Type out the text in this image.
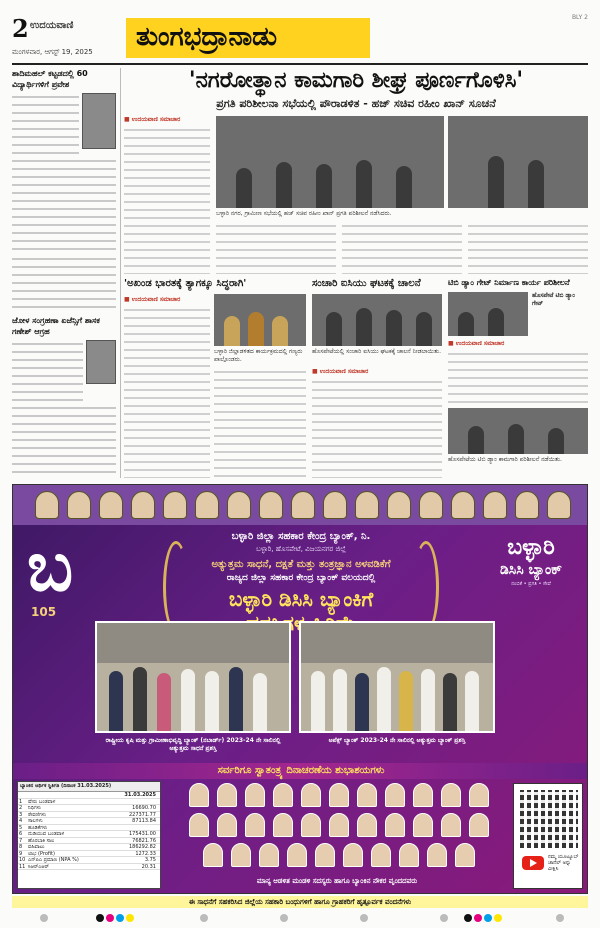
2 ಉದಯವಾಣಿ
ಮಂಗಳವಾರ, ಆಗಸ್ಟ್ 19, 2025 ತುಂಗಭದ್ರಾನಾಡು
BLY 2
ಶಾದಿಮಹಲ್ ಕಟ್ಟಡದಲ್ಲಿ 60 ವಿದ್ಯಾರ್ಥಿಗಳಿಗೆ ಪ್ರವೇಶ
ಜೋಳ ಸಂಗ್ರಹಣಾ ಏಜೆನ್ಸಿಗೆ ಶಾಸಕ ಗಣೇಶ್ ಆಗ್ರಹ
'ನಗರೋತ್ಥಾನ ಕಾಮಗಾರಿ ಶೀಘ್ರ ಪೂರ್ಣಗೊಳಿಸಿ'
ಪ್ರಗತಿ ಪರಿಶೀಲನಾ ಸಭೆಯಲ್ಲಿ ಪೌರಾಡಳಿತ - ಹಜ್ ಸಚಿವ ರಹೀಂ ಖಾನ್ ಸೂಚನೆ
■ ಉದಯವಾಣಿ ಸಮಾಚಾರ
ಬಳ್ಳಾರಿ ನಗರ, ಗ್ರಾಮೀಣ ಸಭೆಯಲ್ಲಿ ಹಜ್ ಸಚಿವ ರಹೀಂ ಖಾನ್ ಪ್ರಗತಿ ಪರಿಶೀಲನೆ ನಡೆಸಿದರು.
'ಅಖಂಡ ಭಾರತಕ್ಕೆ ತ್ಯಾಗಕ್ಕೂ ಸಿದ್ಧರಾಗಿ'
■ ಉದಯವಾಣಿ ಸಮಾಚಾರ
ಬಳ್ಳಾರಿ ಜಿಲ್ಲಾಡಳಿತದ ಕಾರ್ಯಕ್ರಮದಲ್ಲಿ ಗಣ್ಯರು ಪಾಲ್ಗೊಂಡರು.
ಸಂಚಾರಿ ಐಸಿಯು ಘಟಕಕ್ಕೆ ಚಾಲನೆ
ಹೊಸಪೇಟೆಯಲ್ಲಿ ಸಂಚಾರಿ ಐಸಿಯು ಘಟಕಕ್ಕೆ ಚಾಲನೆ ನೀಡಲಾಯಿತು.
■ ಉದಯವಾಣಿ ಸಮಾಚಾರ
ಟಿಬಿ ಡ್ಯಾಂ ಗೇಟ್ ನಿರ್ಮಾಣ ಕಾರ್ಯ ಪರಿಶೀಲನೆ
ಹೊಸಪೇಟೆ ಟಿಬಿ ಡ್ಯಾಂ ಗೇಟ್
■ ಉದಯವಾಣಿ ಸಮಾಚಾರ
ಹೊಸಪೇಟೆಯ ಟಿಬಿ ಡ್ಯಾಂ ಕಾಮಗಾರಿ ಪರಿಶೀಲನೆ ನಡೆಯಿತು.
ಬ
105
ಬಳ್ಳಾರಿ ಜಿಲ್ಲಾ ಸಹಕಾರ ಕೇಂದ್ರ ಬ್ಯಾಂಕ್, ನಿ.
ಬಳ್ಳಾರಿ, ಹೊಸಪೇಟೆ, ವಿಜಯನಗರ ಜಿಲ್ಲೆ
ಅತ್ಯುತ್ತಮ ಸಾಧನೆ, ದಕ್ಷತೆ ಮತ್ತು ತಂತ್ರಜ್ಞಾನ ಅಳವಡಿಕೆಗೆ
ರಾಜ್ಯದ ಜಿಲ್ಲಾ ಸಹಕಾರ ಕೇಂದ್ರ ಬ್ಯಾಂಕ್ ವಲಯದಲ್ಲಿ
ಬಳ್ಳಾರಿ ಡಿಸಿಸಿ ಬ್ಯಾಂಕಿಗೆ
ಬಳ್ಳಾರಿ
ಡಿಸಿಸಿ ಬ್ಯಾಂಕ್
ನಂಬಿಕೆ • ಪ್ರಗತಿ • ಸೇವೆ
ರಾಷ್ಟ್ರೀಯ ಕೃಷಿ ಮತ್ತು ಗ್ರಾಮೀಣಾಭಿವೃದ್ಧಿ ಬ್ಯಾಂಕ್ (ನಬಾರ್ಡ್) 2023-24 ನೇ ಸಾಲಿನಲ್ಲಿ ಅತ್ಯುತ್ತಮ ಸಾಧನೆ ಪ್ರಶಸ್ತಿ
ಅಪೆಕ್ಸ್ ಬ್ಯಾಂಕ್ 2023-24 ನೇ ಸಾಲಿನಲ್ಲಿ ಅತ್ಯುತ್ತಮ ಬ್ಯಾಂಕ್ ಪ್ರಶಸ್ತಿ
ಸರ್ವರಿಗೂ ಸ್ವಾತಂತ್ರ್ಯ ದಿನಾಚರಣೆಯ ಶುಭಾಶಯಗಳು
ಬ್ಯಾಂಕಿನ ಆರ್ಥಿಕ ಸ್ಥಿತಿಗತಿ (ದಿನಾಂಕ 31.03.2025)
31.03.2025
1	ಷೇರು ಬಂಡವಾಳ
2	ನಿಧಿಗಳು	16690.70
3	ಠೇವಣಿಗಳು	227371.77
4	ಸಾಲಗಳು	87113.84
5	ಹೂಡಿಕೆಗಳು
6	ದುಡಿಯುವ ಬಂಡವಾಳ	175431.00
7	ಹೊರಬಾಕಿ ಸಾಲ	76821.76
8	ವಹಿವಾಟು	186292.82
9	ಲಾಭ (Profit)	1272.33
10 ಎನ್‌ಪಿಎ ಪ್ರಮಾಣ (NPA %)	3.75
11 ಸಿಆರ್‌ಎಆರ್	20.31
ಮಾನ್ಯ ಆಡಳಿತ ಮಂಡಳಿ ಸದಸ್ಯರು ಹಾಗೂ ಬ್ಯಾಂಕಿನ ನೌಕರ ವೃಂದದವರು
ನಮ್ಮ ಯೂಟ್ಯೂಬ್ ಚಾನೆಲ್ ಅನ್ನು ವೀಕ್ಷಿಸಿ
ಈ ಸಾಧನೆಗೆ ಸಹಕರಿಸಿದ ಜಿಲ್ಲೆಯ ಸಹಕಾರಿ ಬಂಧುಗಳಿಗೆ ಹಾಗೂ ಗ್ರಾಹಕರಿಗೆ ಹೃತ್ಪೂರ್ವಕ ವಂದನೆಗಳು
